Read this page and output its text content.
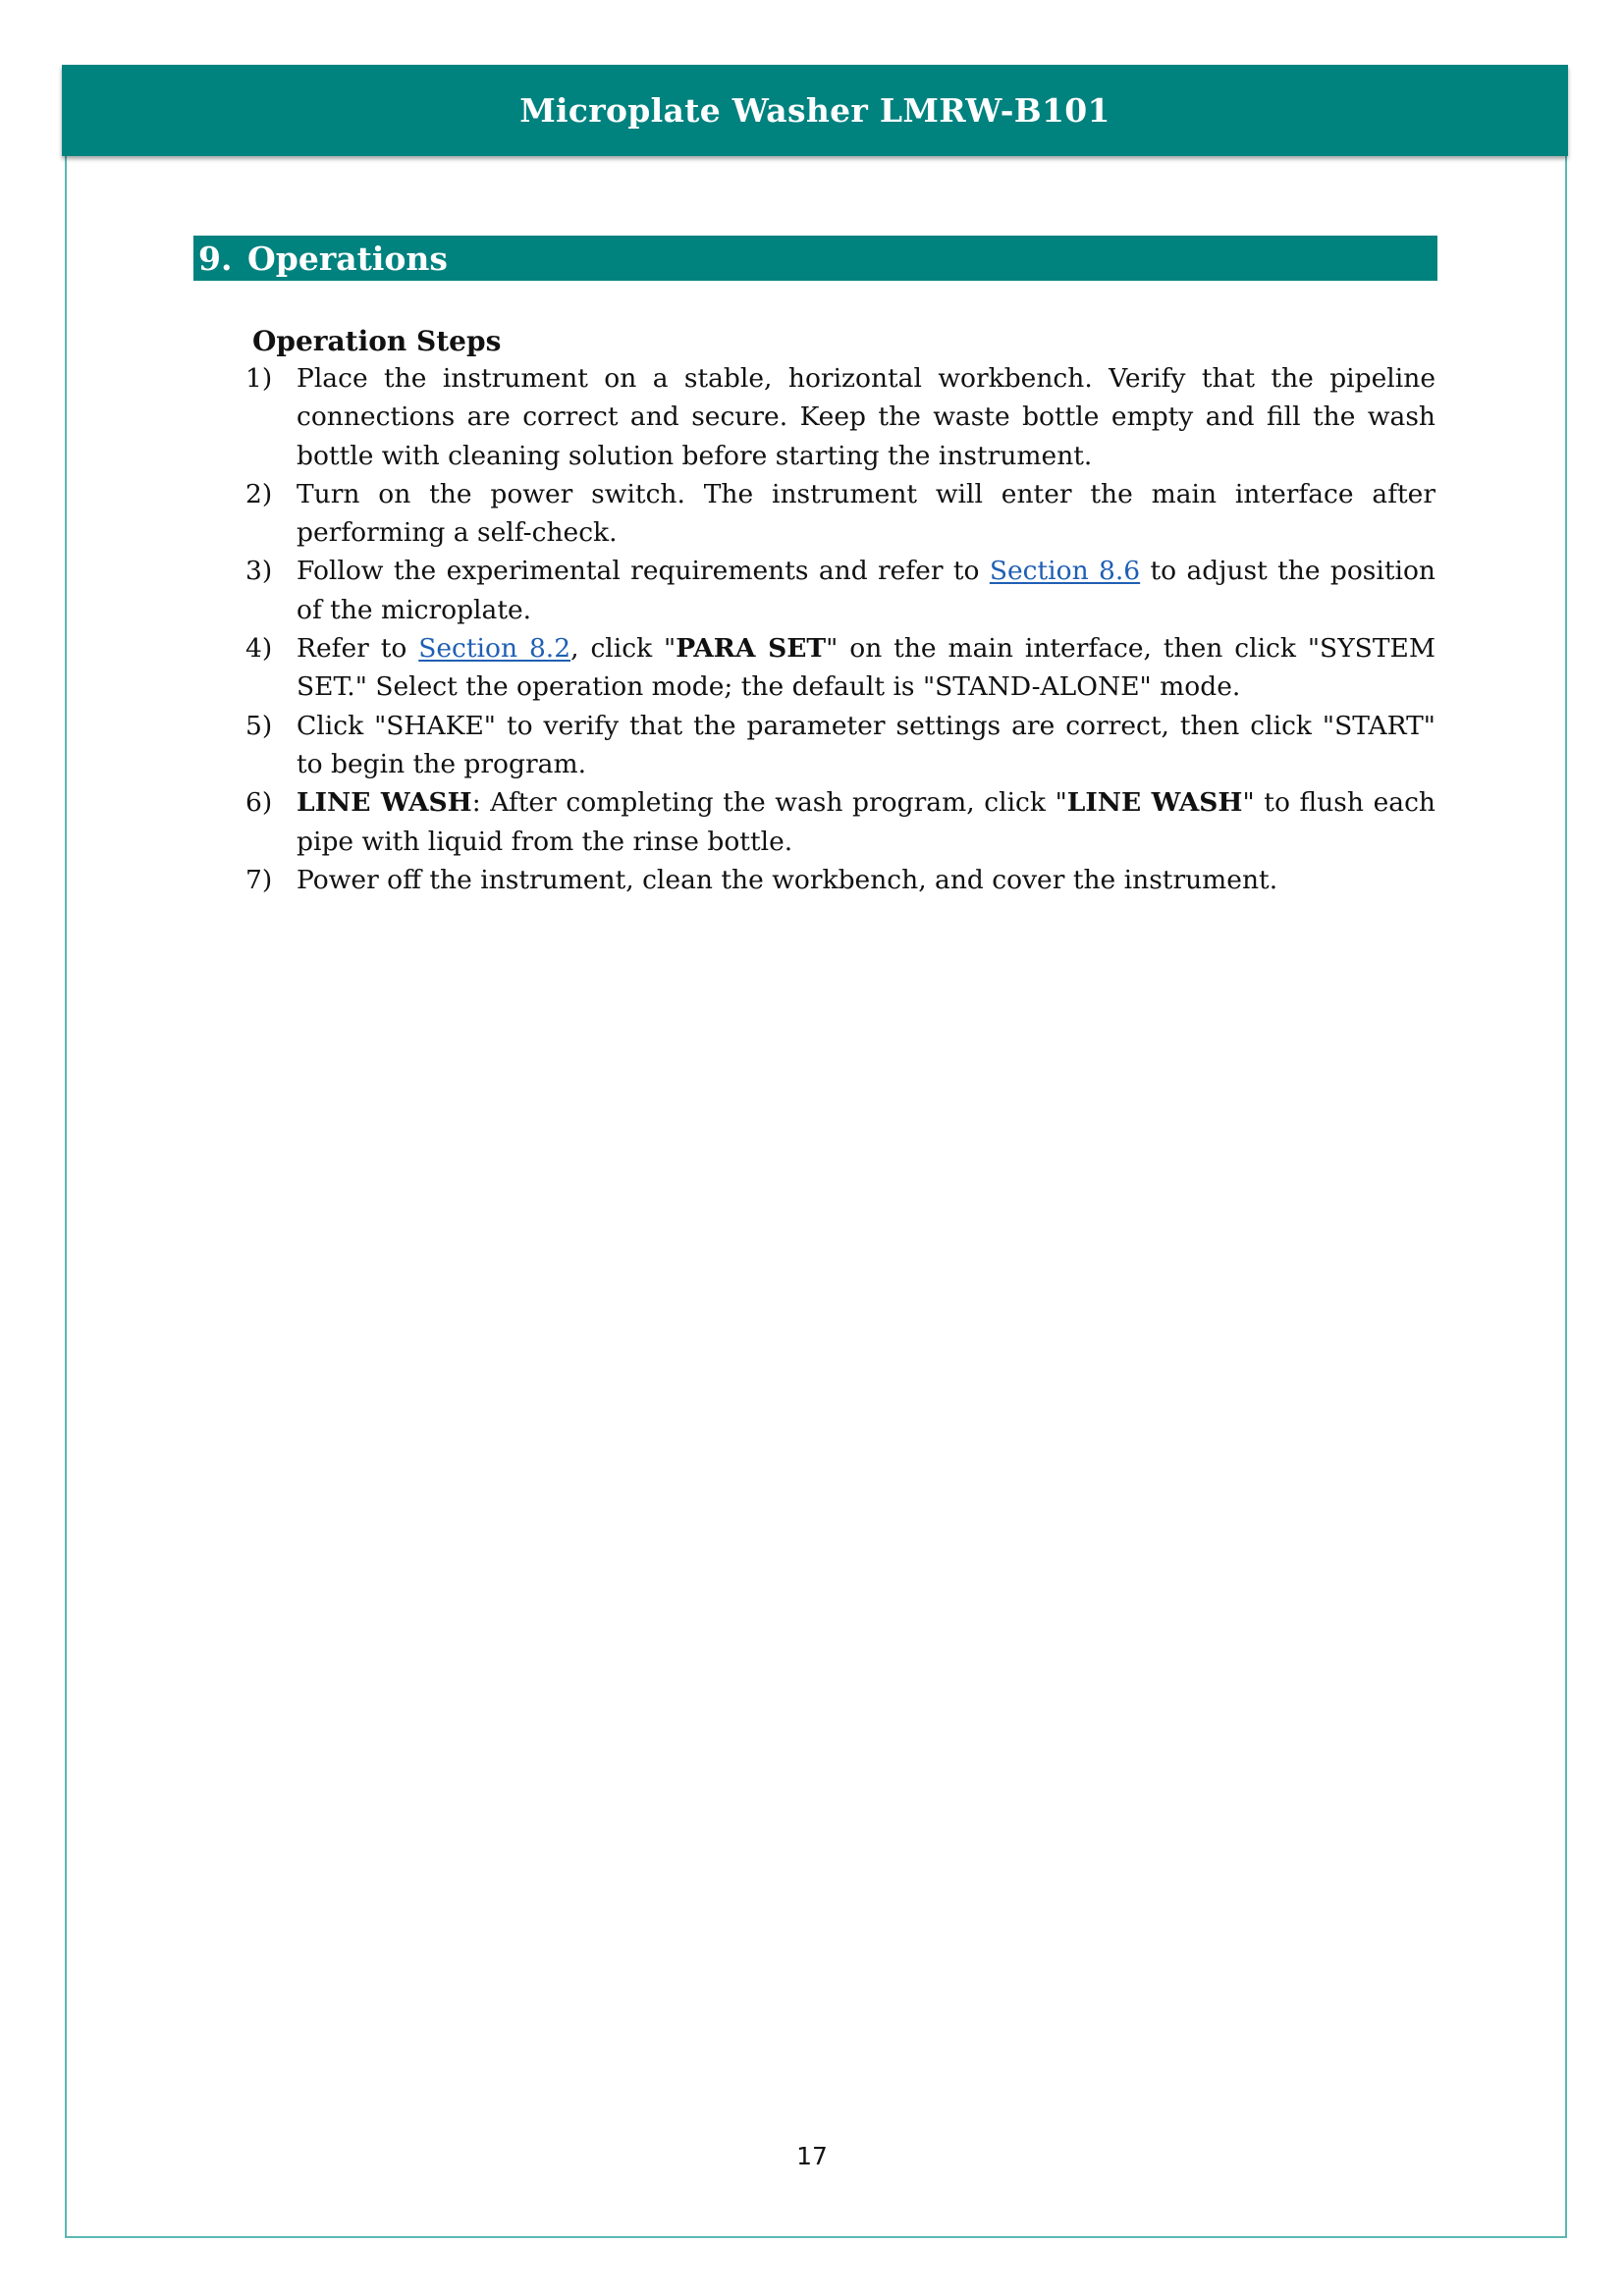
Microplate Washer LMRW-B101
9. Operations
Operation Steps
1) Place the instrument on a stable, horizontal workbench. Verify that the pipeline connections are correct and secure. Keep the waste bottle empty and fill the wash bottle with cleaning solution before starting the instrument.
2) Turn on the power switch. The instrument will enter the main interface after performing a self-check.
3) Follow the experimental requirements and refer to Section 8.6 to adjust the position of the microplate.
4) Refer to Section 8.2, click "PARA SET" on the main interface, then click "SYSTEM SET." Select the operation mode; the default is "STAND-ALONE" mode.
5) Click "SHAKE" to verify that the parameter settings are correct, then click "START" to begin the program.
6) LINE WASH: After completing the wash program, click "LINE WASH" to flush each pipe with liquid from the rinse bottle.
7) Power off the instrument, clean the workbench, and cover the instrument.
17
